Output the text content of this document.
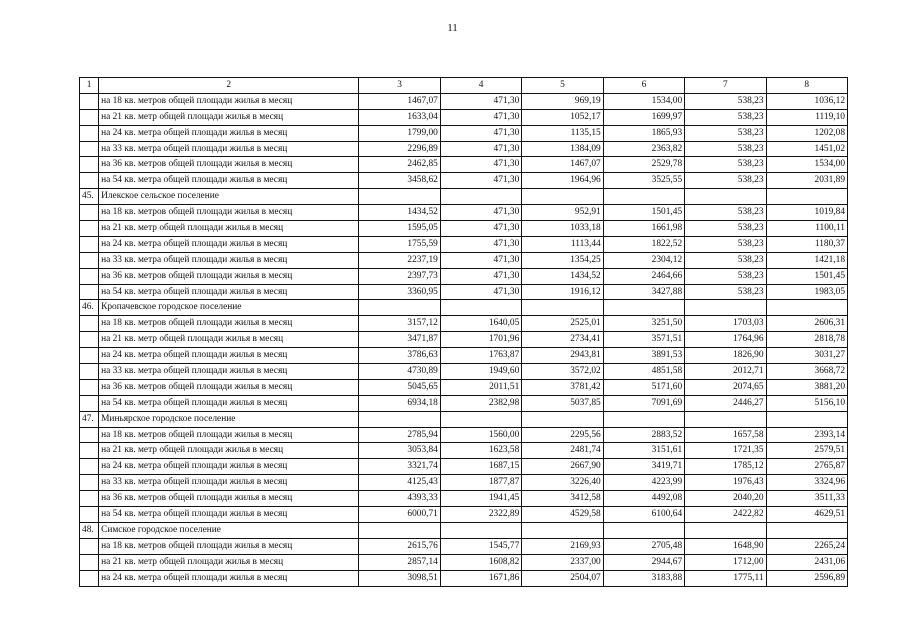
11
1	2	3	4	5	6	7	8
	на 18 кв. метров общей площади жилья в месяц	1467,07	471,30	969,19	1534,00	538,23	1036,12
	на 21 кв. метр общей площади жилья в месяц	1633,04	471,30	1052,17	1699,97	538,23	1119,10
	на 24 кв. метра общей площади жилья в месяц	1799,00	471,30	1135,15	1865,93	538,23	1202,08
	на 33 кв. метра общей площади жилья в месяц	2296,89	471,30	1384,09	2363,82	538,23	1451,02
	на 36 кв. метров общей площади жилья в месяц	2462,85	471,30	1467,07	2529,78	538,23	1534,00
	на 54 кв. метра общей площади жилья в месяц	3458,62	471,30	1964,96	3525,55	538,23	2031,89
45.	Илекское сельское поселение						
	на 18 кв. метров общей площади жилья в месяц	1434,52	471,30	952,91	1501,45	538,23	1019,84
	на 21 кв. метр общей площади жилья в месяц	1595,05	471,30	1033,18	1661,98	538,23	1100,11
	на 24 кв. метра общей площади жилья в месяц	1755,59	471,30	1113,44	1822,52	538,23	1180,37
	на 33 кв. метра общей площади жилья в месяц	2237,19	471,30	1354,25	2304,12	538,23	1421,18
	на 36 кв. метров общей площади жилья в месяц	2397,73	471,30	1434,52	2464,66	538,23	1501,45
	на 54 кв. метра общей площади жилья в месяц	3360,95	471,30	1916,12	3427,88	538,23	1983,05
46.	Кропачевское городское поселение						
	на 18 кв. метров общей площади жилья в месяц	3157,12	1640,05	2525,01	3251,50	1703,03	2606,31
	на 21 кв. метр общей площади жилья в месяц	3471,87	1701,96	2734,41	3571,51	1764,96	2818,78
	на 24 кв. метра общей площади жилья в месяц	3786,63	1763,87	2943,81	3891,53	1826,90	3031,27
	на 33 кв. метра общей площади жилья в месяц	4730,89	1949,60	3572,02	4851,58	2012,71	3668,72
	на 36 кв. метров общей площади жилья в месяц	5045,65	2011,51	3781,42	5171,60	2074,65	3881,20
	на 54 кв. метра общей площади жилья в месяц	6934,18	2382,98	5037,85	7091,69	2446,27	5156,10
47.	Миньярское городское поселение						
	на 18 кв. метров общей площади жилья в месяц	2785,94	1560,00	2295,56	2883,52	1657,58	2393,14
	на 21 кв. метр общей площади жилья в месяц	3053,84	1623,58	2481,74	3151,61	1721,35	2579,51
	на 24 кв. метра общей площади жилья в месяц	3321,74	1687,15	2667,90	3419,71	1785,12	2765,87
	на 33 кв. метра общей площади жилья в месяц	4125,43	1877,87	3226,40	4223,99	1976,43	3324,96
	на 36 кв. метров общей площади жилья в месяц	4393,33	1941,45	3412,58	4492,08	2040,20	3511,33
	на 54 кв. метра общей площади жилья в месяц	6000,71	2322,89	4529,58	6100,64	2422,82	4629,51
48.	Симское городское поселение						
	на 18 кв. метров общей площади жилья в месяц	2615,76	1545,77	2169,93	2705,48	1648,90	2265,24
	на 21 кв. метр общей площади жилья в месяц	2857,14	1608,82	2337,00	2944,67	1712,00	2431,06
	на 24 кв. метра общей площади жилья в месяц	3098,51	1671,86	2504,07	3183,88	1775,11	2596,89
